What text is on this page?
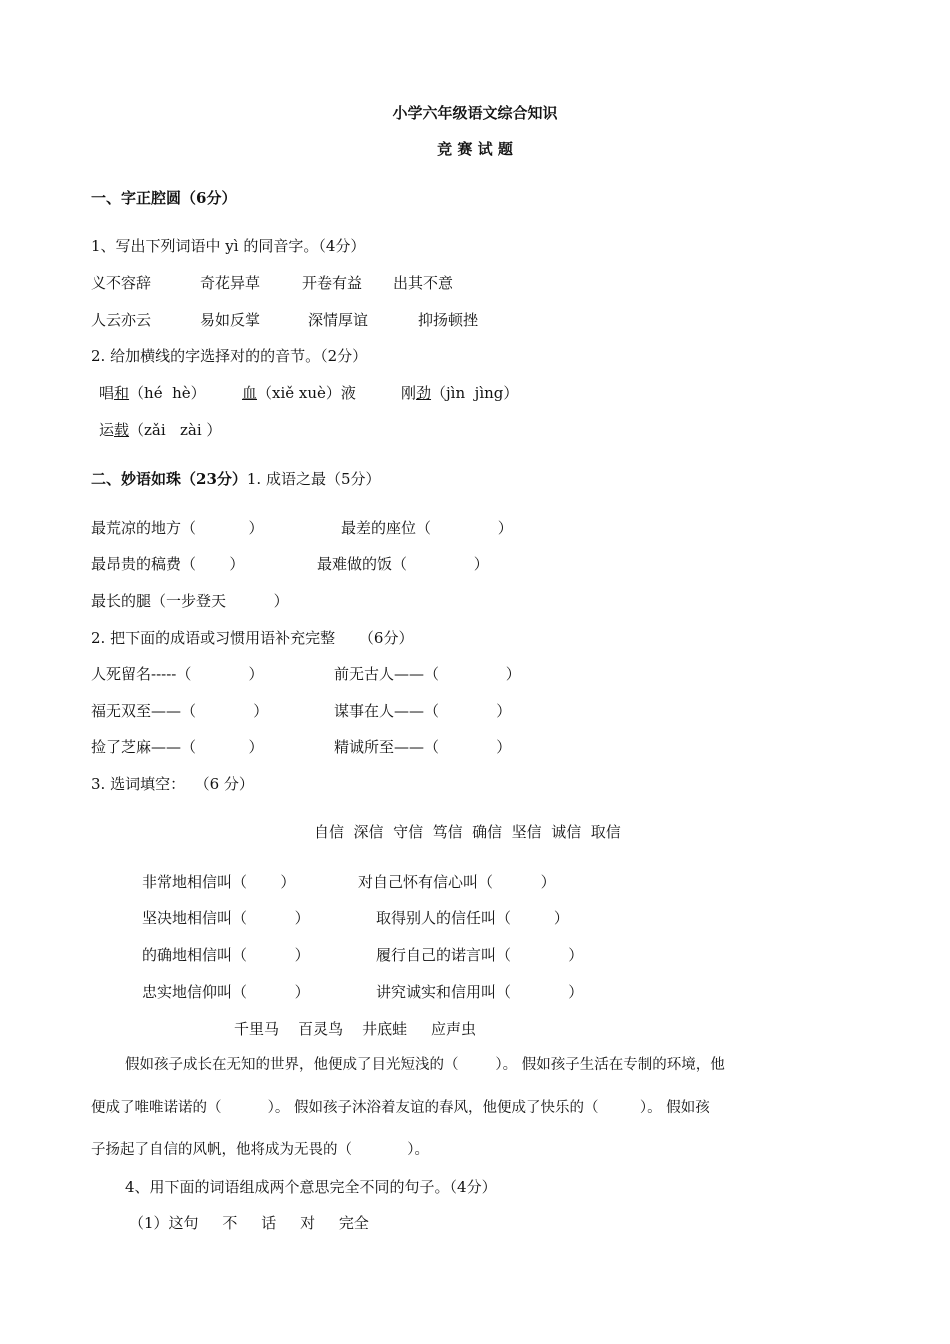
小学六年级语文综合知识
竞 赛 试 题
一、字正腔圆（6分）
1、写出下列词语中 yì 的同音字。（4分）
义不容辞	奇花异草	开卷有益 出其不意
人云亦云	易如反掌	深情厚谊	抑扬顿挫
2. 给加横线的字选择对的的音节。（2分）
唱和（hé  hè） 血（xiě xuè）液	刚劲（jìn  jìng）
运载（zǎi   zài ）
二、妙语如珠（23分）1. 成语之最（5分）
最荒凉的地方（           ）	最差的座位（              ）
最昂贵的稿费（       ）	最难做的饭（              ）
最长的腿（一步登天          ）
2. 把下面的成语或习惯用语补充完整     （6分）
人死留名-----（            ）	前无古人——（              ）
福无双至——（            ）	谋事在人——（            ）
捡了芝麻——（           ）	精诚所至——（            ）
3. 选词填空：  （6 分）
自信  深信  守信  笃信  确信  坚信  诚信  取信
非常地相信叫（       ）	对自己怀有信心叫（          ）
坚决地相信叫（          ）	取得别人的信任叫（         ）
的确地相信叫（          ）	履行自己的诺言叫（            ）
忠实地信仰叫（          ）	讲究诚实和信用叫（            ）
千里马    百灵鸟    井底蛙     应声虫
假如孩子成长在无知的世界，他便成了目光短浅的（        ）。 假如孩子生活在专制的环境，他
便成了唯唯诺诺的（          ）。 假如孩子沐浴着友谊的春风，他便成了快乐的（         ）。 假如孩
子扬起了自信的风帆，他将成为无畏的（            ）。
4、用下面的词语组成两个意思完全不同的句子。（4分）
（1）这句     不     话     对     完全
